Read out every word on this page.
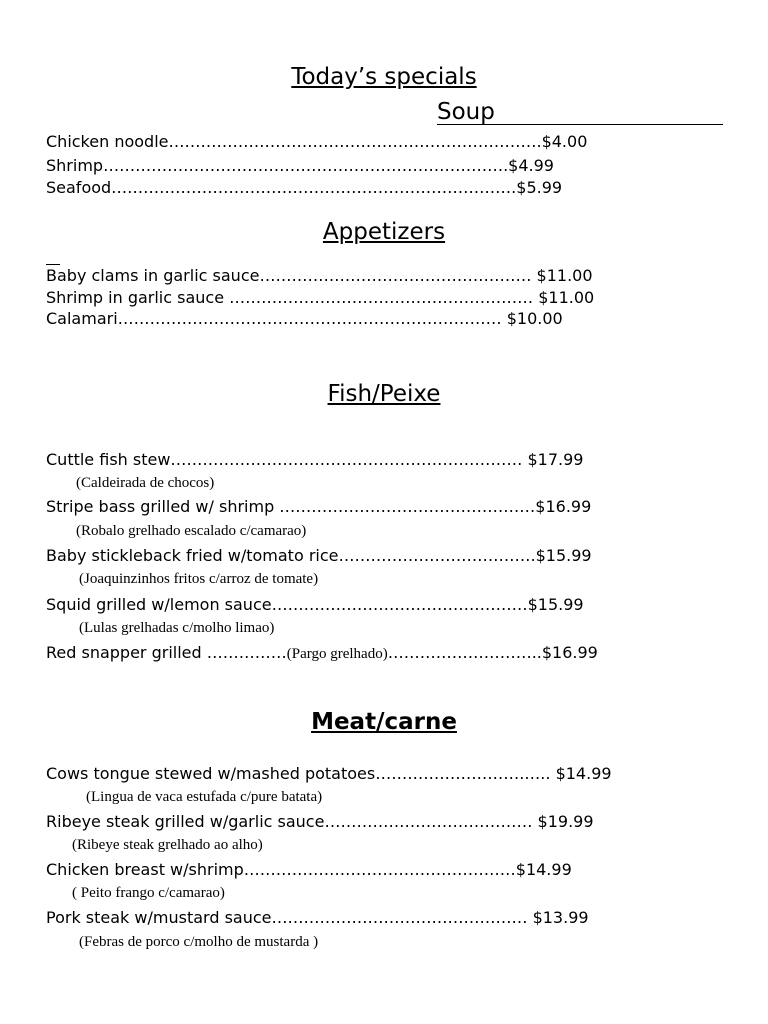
Today’s specials
Soup
Chicken noodle…………………………………………………………….$4.00
Shrimp………………………………………………………………….$4.99
Seafood………………………………………………………………….$5.99
Appetizers
Baby clams in garlic sauce…………………………………………… $11.00
Shrimp in garlic sauce ………………………………………………… $11.00
Calamari……………………………………………………………… $10.00
Fish/Peixe
Cuttle fish stew………………………………………………………… $17.99
(Caldeirada de chocos)
Stripe bass grilled w/ shrimp …………………………………………$16.99
(Robalo grelhado escalado c/camarao)
Baby stickleback fried w/tomato rice……………………………….$15.99
(Joaquinzinhos fritos c/arroz de tomate)
Squid grilled w/lemon sauce…………………………………………$15.99
(Lulas grelhadas c/molho limao)
Red snapper grilled ……………(Pargo grelhado)………………………..$16.99
Meat/carne
Cows tongue stewed w/mashed potatoes……………………….….. $14.99
(Lingua de vaca estufada c/pure batata)
Ribeye steak grilled w/garlic sauce………………………………… $19.99
(Ribeye steak grelhado ao alho)
Chicken breast w/shrimp……………………………………………$14.99
( Peito frango c/camarao)
Pork steak w/mustard sauce………………………………………… $13.99
(Febras de porco c/molho de mustarda )
